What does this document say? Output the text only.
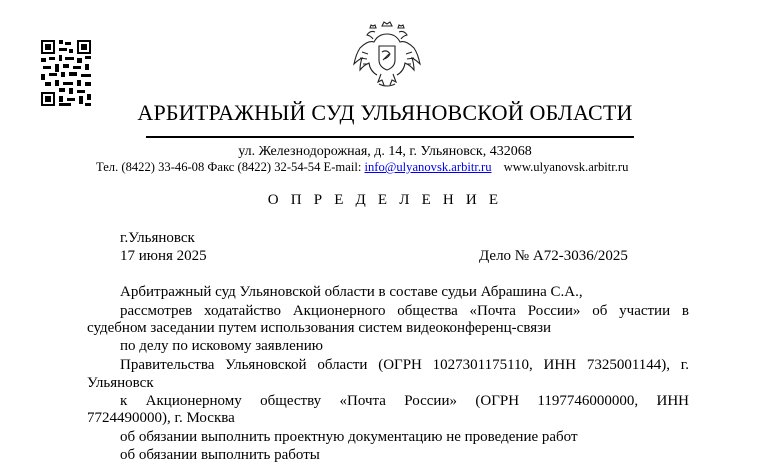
АРБИТРАЖНЫЙ СУД УЛЬЯНОВСКОЙ ОБЛАСТИ
ул. Железнодорожная, д. 14, г. Ульяновск, 432068
Тел. (8422) 33-46-08 Факс (8422) 32-54-54 E-mail: info@ulyanovsk.arbitr.ru www.ulyanovsk.arbitr.ru
О П Р Е Д Е Л Е Н И Е
г.Ульяновск
17 июня 2025	Дело № А72-3036/2025
Арбитражный суд Ульяновской области в составе судьи Абрашина С.А.,
рассмотрев ходатайство Акционерного общества «Почта России» об участии в
судебном заседании путем использования систем видеоконференц-связи
по делу по исковому заявлению
Правительства Ульяновской области (ОГРН 1027301175110, ИНН 7325001144), г.
Ульяновск
к Акционерному обществу «Почта России» (ОГРН 1197746000000, ИНН
7724490000), г. Москва
об обязании выполнить проектную документацию не проведение работ
об обязании выполнить работы
